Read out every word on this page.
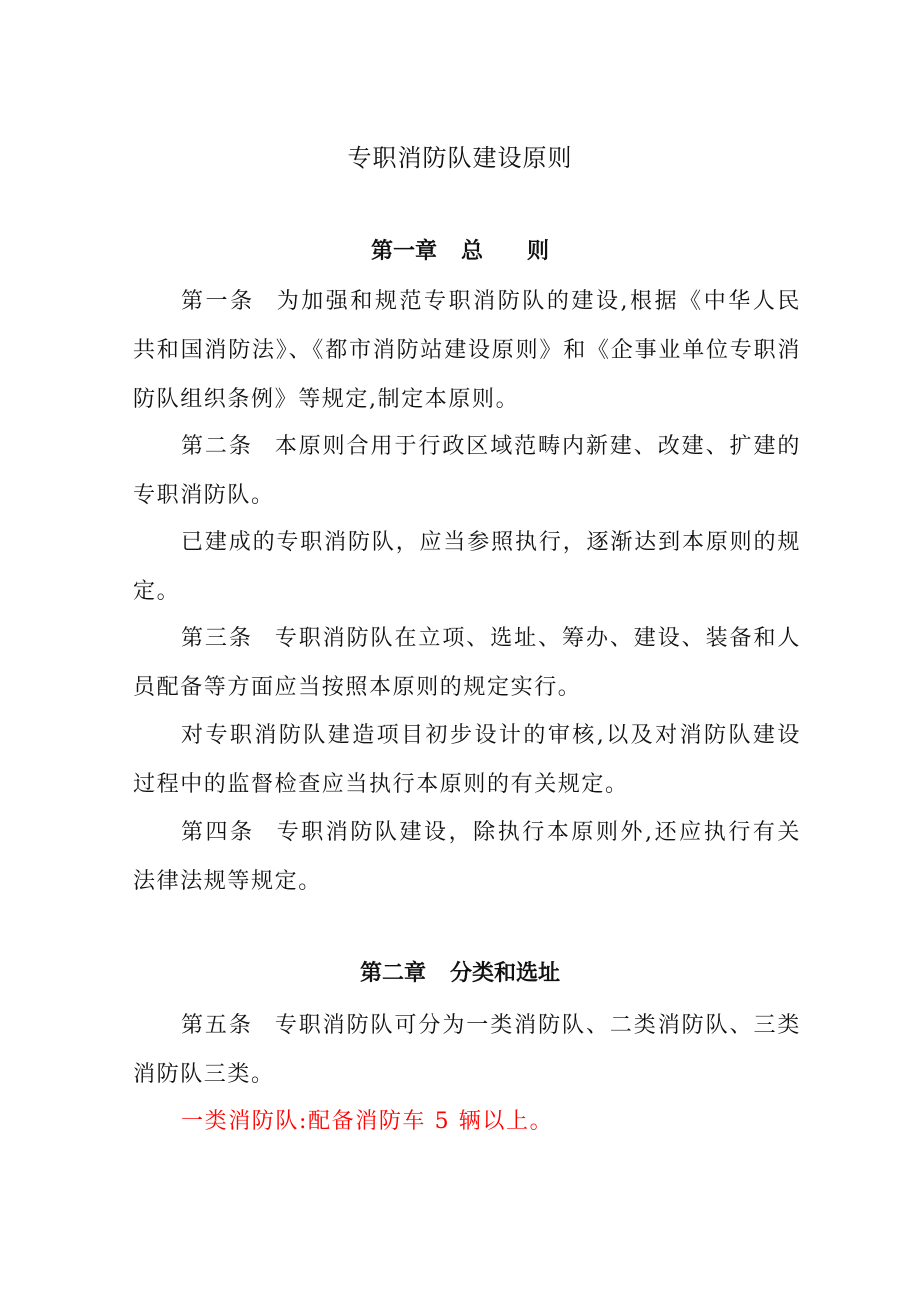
专职消防队建设原则
第一章 总 则
第一条 为加强和规范专职消防队的建设,根据《中华人民共和国消防法》、《都市消防站建设原则》和《企事业单位专职消防队组织条例》等规定,制定本原则。
第二条 本原则合用于行政区域范畴内新建、改建、扩建的专职消防队。
已建成的专职消防队，应当参照执行，逐渐达到本原则的规定。
第三条 专职消防队在立项、选址、筹办、建设、装备和人员配备等方面应当按照本原则的规定实行。
对专职消防队建造项目初步设计的审核,以及对消防队建设过程中的监督检查应当执行本原则的有关规定。
第四条 专职消防队建设，除执行本原则外,还应执行有关法律法规等规定。
第二章 分类和选址
第五条 专职消防队可分为一类消防队、二类消防队、三类消防队三类。
一类消防队:配备消防车 5 辆以上。
